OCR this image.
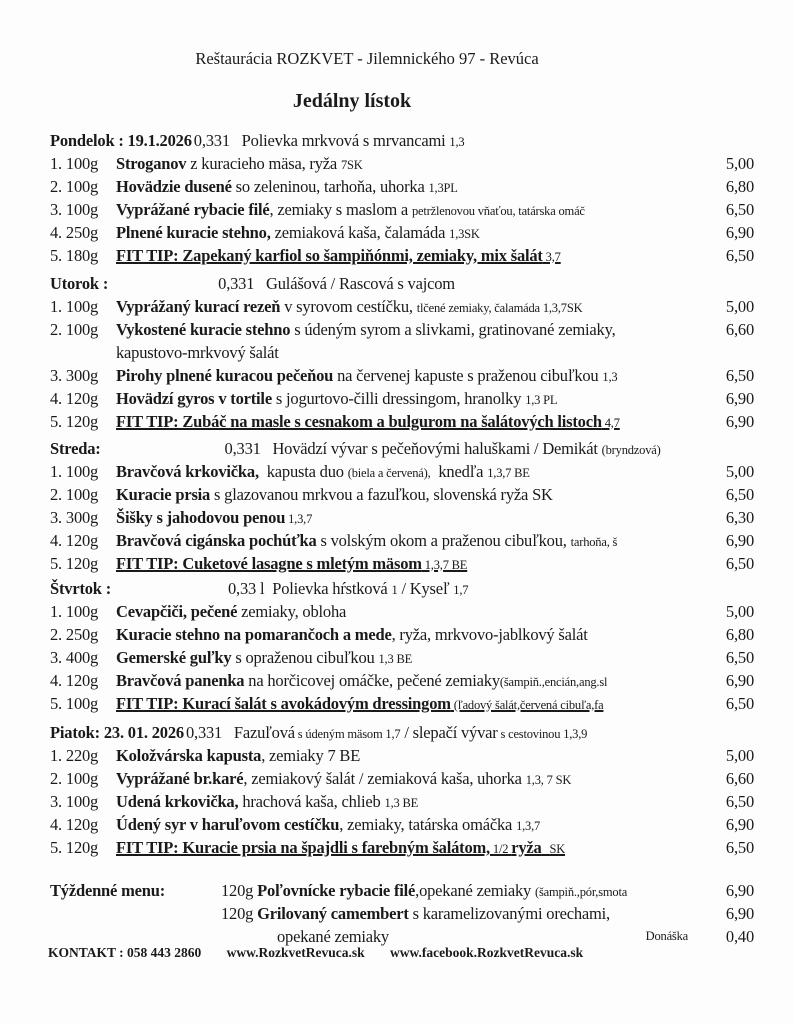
Reštaurácia ROZKVET - Jilemnického 97 - Revúca
Jedálny lístok
Pondelok : 19.1.2026 0,331   Polievka mrkvová s mrvancami 1,3
1. 100g	Stroganov z kuracieho mäsa, ryža 7SK	5,00
2. 100g	Hovädzie dusené so zeleninou, tarhoňa, uhorka 1,3PL	6,80
3. 100g	Vyprážané rybacie filé, zemiaky s maslom a petržlenovou vňaťou, tatárska omáč	6,50
4. 250g	Plnené kuracie stehno, zemiaková kaša, čalamáda 1,3SK	6,90
5. 180g	FIT TIP: Zapekaný karfiol so šampiňónmi, zemiaky, mix šalát 3,7	6,50
Utorok :	0,331   Gulášová / Rascová s vajcom
1. 100g	Vyprážaný kurací rezeň v syrovom cestíčku, tlčené zemiaky, čalamáda 1,3,7SK	5,00
2. 100g	Vykostené kuracie stehno s údeným syrom a slivkami, gratinované zemiaky,	6,60
kapustovo-mrkvový šalát
3. 300g	Pirohy plnené kuracou pečeňou na červenej kapuste s praženou cibuľkou 1,3	6,50
4. 120g	Hovädzí gyros v tortile s jogurtovo-čilli dressingom, hranolky 1,3 PL	6,90
5. 120g	FIT TIP: Zubáč na masle s cesnakom a bulgurom na šalátových listoch 4,7	6,90
Streda:	0,331   Hovädzí vývar s pečeňovými haluškami / Demikát (bryndzová)
1. 100g	Bravčová krkovička,  kapusta duo (biela a červená),  knedľa 1,3,7 BE	5,00
2. 100g	Kuracie prsia s glazovanou mrkvou a fazuľkou, slovenská ryža SK	6,50
3. 300g	Šišky s jahodovou penou 1,3,7	6,30
4. 120g	Bravčová cigánska pochúťka s volským okom a praženou cibuľkou, tarhoňa, š	6,90
5. 120g	FIT TIP: Cuketové lasagne s mletým mäsom 1,3,7 BE	6,50
Štvrtok :	0,33 l  Polievka hŕstková 1 / Kyseľ 1,7
1. 100g	Cevapčiči, pečené zemiaky, obloha	5,00
2. 250g	Kuracie stehno na pomarančoch a mede, ryža, mrkvovo-jablkový šalát	6,80
3. 400g	Gemerské guľky s opraženou cibuľkou 1,3 BE	6,50
4. 120g	Bravčová panenka na horčicovej omáčke, pečené zemiaky(šampiň.,encián,ang.sl	6,90
5. 100g	FIT TIP: Kurací šalát s avokádovým dressingom (ľadový šalát,červená cibuľa,fa	6,50
Piatok: 23. 01. 2026 0,331   Fazuľová s údeným mäsom 1,7 / slepačí vývar s cestovinou 1,3,9
1. 220g	Koložvárska kapusta, zemiaky 7 BE	5,00
2. 100g	Vyprážané br.karé, zemiakový šalát / zemiaková kaša, uhorka 1,3, 7 SK	6,60
3. 100g	Udená krkovička, hrachová kaša, chlieb 1,3 BE	6,50
4. 120g	Údený syr v haruľovom cestíčku, zemiaky, tatárska omáčka 1,3,7	6,90
5. 120g	FIT TIP: Kuracie prsia na špajdli s farebným šalátom, 1/2 ryža SK	6,50
Týždenné menu:	120g Poľovnícke rybacie filé,opekané zemiaky (šampiň.,pór,smota	6,90
120g Grilovaný camembert s karamelizovanými orechami,	6,90
opekané zemiaky	Donáška	0,40
KONTAKT : 058 443 2860 www.RozkvetRevuca.sk www.facebook.RozkvetRevuca.sk
